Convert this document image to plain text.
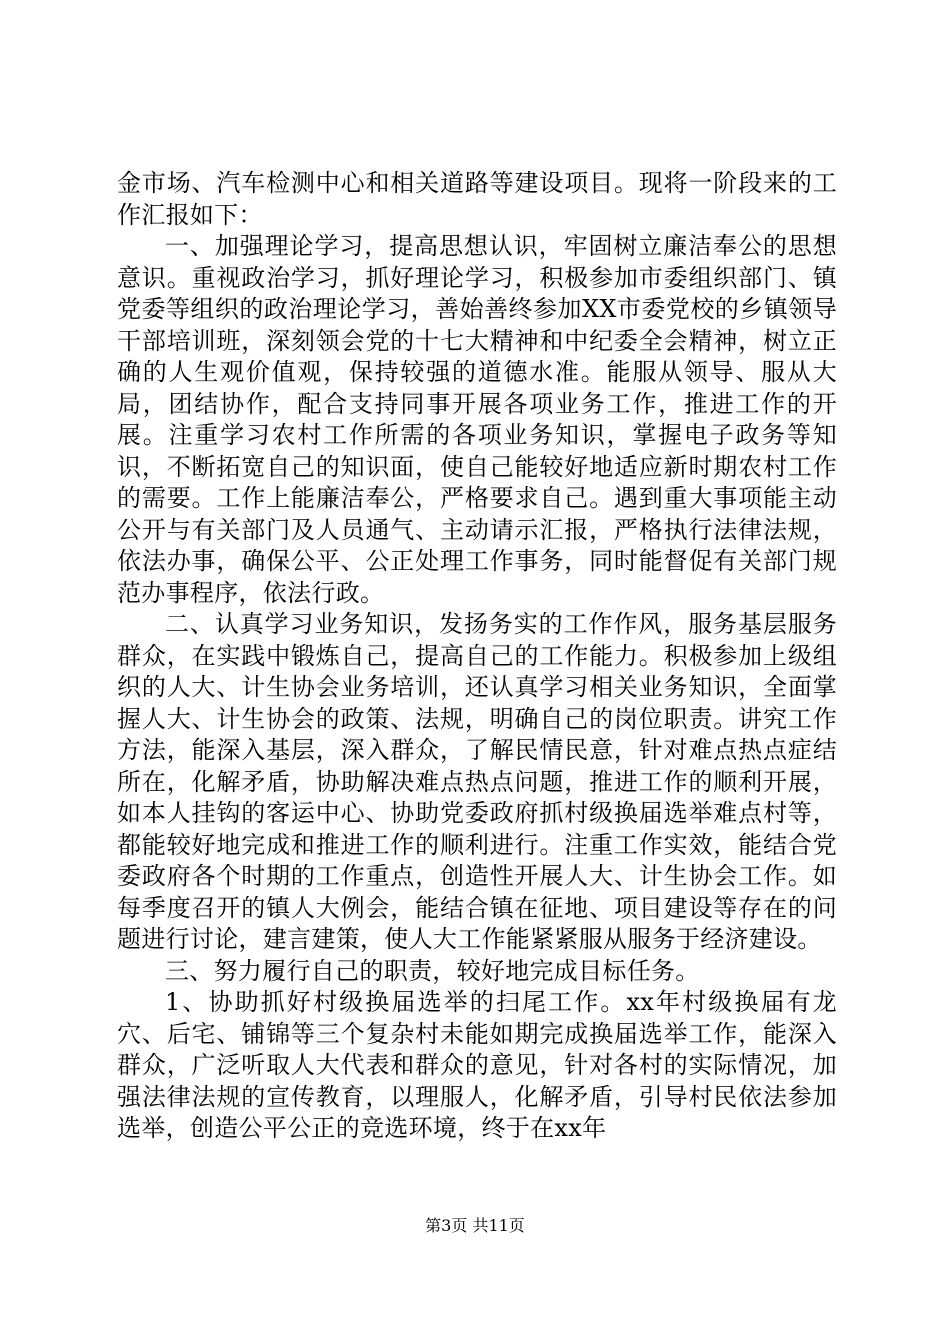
金市场、汽车检测中心和相关道路等建设项目。现将一阶段来的工作汇报如下：

一、加强理论学习，提高思想认识，牢固树立廉洁奉公的思想意识。重视政治学习，抓好理论学习，积极参加市委组织部门、镇党委等组织的政治理论学习，善始善终参加XX市委党校的乡镇领导干部培训班，深刻领会党的十七大精神和中纪委全会精神，树立正确的人生观价值观，保持较强的道德水准。能服从领导、服从大局，团结协作，配合支持同事开展各项业务工作，推进工作的开展。注重学习农村工作所需的各项业务知识，掌握电子政务等知识，不断拓宽自己的知识面，使自己能较好地适应新时期农村工作的需要。工作上能廉洁奉公，严格要求自己。遇到重大事项能主动公开与有关部门及人员通气、主动请示汇报，严格执行法律法规，依法办事，确保公平、公正处理工作事务，同时能督促有关部门规范办事程序，依法行政。

二、认真学习业务知识，发扬务实的工作作风，服务基层服务群众，在实践中锻炼自己，提高自己的工作能力。积极参加上级组织的人大、计生协会业务培训，还认真学习相关业务知识，全面掌握人大、计生协会的政策、法规，明确自己的岗位职责。讲究工作方法，能深入基层，深入群众，了解民情民意，针对难点热点症结所在，化解矛盾，协助解决难点热点问题，推进工作的顺利开展，如本人挂钩的客运中心、协助党委政府抓村级换届选举难点村等，都能较好地完成和推进工作的顺利进行。注重工作实效，能结合党委政府各个时期的工作重点，创造性开展人大、计生协会工作。如每季度召开的镇人大例会，能结合镇在征地、项目建设等存在的问题进行讨论，建言建策，使人大工作能紧紧服从服务于经济建设。

三、努力履行自己的职责，较好地完成目标任务。

1、协助抓好村级换届选举的扫尾工作。xx年村级换届有龙穴、后宅、铺锦等三个复杂村未能如期完成换届选举工作，能深入群众，广泛听取人大代表和群众的意见，针对各村的实际情况，加强法律法规的宣传教育，以理服人，化解矛盾，引导村民依法参加选举，创造公平公正的竞选环境，终于在xx年

第3页 共11页
